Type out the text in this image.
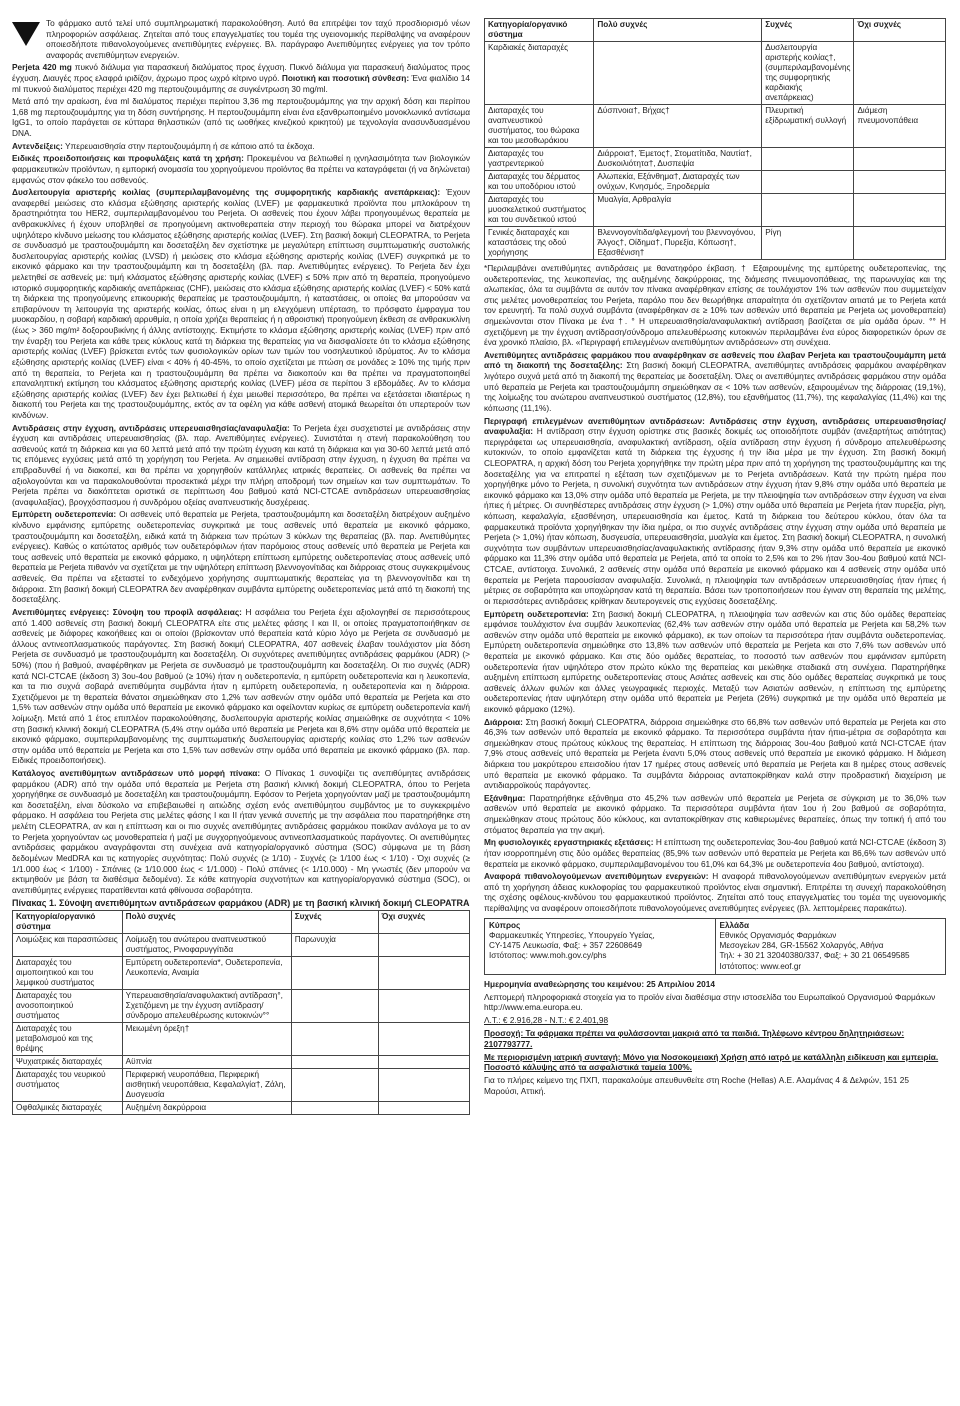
Το φάρμακο αυτό τελεί υπό συμπληρωματική παρακολούθηση. Αυτό θα επιτρέψει τον ταχύ προσδιορισμό νέων πληροφοριών ασφάλειας. Ζητείται από τους επαγγελματίες του τομέα της υγειονομικής περίθαλψης να αναφέρουν οποιεσδήποτε πιθανολογούμενες ανεπιθύμητες ενέργειες. Βλ. παράγραφο Ανεπιθύμητες ενέργειες για τον τρόπο αναφοράς ανεπιθύμητων ενεργειών.

Perjeta 420 mg πυκνό διάλυμα για παρασκευή διαλύματος προς έγχυση. Πυκνό διάλυμα για παρασκευή διαλύματος προς έγχυση. Διαυγές προς ελαφρά ιριδίζον, άχρωμο προς ωχρό κίτρινο υγρό. Ποιοτική και ποσοτική σύνθεση: Ένα φιαλίδιο 14 ml πυκνού διαλύματος περιέχει 420 mg περτουζουμάμπης σε συγκέντρωση 30 mg/ml.

Μετά από την αραίωση, ένα ml διαλύματος περιέχει περίπου 3,36 mg περτουζουμάμπης για την αρχική δόση και περίπου 1,68 mg περτουζουμάμπης για τη δόση συντήρησης. Η περτουζουμάμπη είναι ένα εξανθρωποιημένο μονοκλωνικό αντίσωμα IgG1, το οποίο παράγεται σε κύτταρα θηλαστικών (από τις ωοθήκες κινεζικού κρικητού) με τεχνολογία ανασυνδυασμένου DNA.

Αντενδείξεις: Υπερευαισθησία στην περτουζουμάμπη ή σε κάποιο από τα έκδοχα.

Ειδικές προειδοποιήσεις και προφυλάξεις κατά τη χρήση: Προκειμένου να βελτιωθεί η ιχνηλασιμότητα των βιολογικών φαρμακευτικών προϊόντων, η εμπορική ονομασία του χορηγούμενου προϊόντος θα πρέπει να καταγράφεται (ή να δηλώνεται) εμφανώς στον φάκελο του ασθενούς.

Δυσλειτουργία αριστερής κοιλίας (συμπεριλαμβανομένης της συμφορητικής καρδιακής ανεπάρκειας): Έχουν αναφερθεί μειώσεις στο κλάσμα εξώθησης αριστερής κοιλίας (LVEF) με φαρμακευτικά προϊόντα που μπλοκάρουν τη δραστηριότητα του HER2, συμπεριλαμβανομένου του Perjeta. Οι ασθενείς που έχουν λάβει προηγουμένως θεραπεία με ανθρακυκλίνες ή έχουν υποβληθεί σε προηγούμενη ακτινοθεραπεία στην περιοχή του θώρακα μπορεί να διατρέχουν υψηλότερο κίνδυνο μείωσης του κλάσματος εξώθησης αριστερής κοιλίας (LVEF). Στη βασική δοκιμή CLEOPATRA, το Perjeta σε συνδυασμό με τραστουζουμάμπη και δοσεταξέλη δεν σχετίστηκε με μεγαλύτερη επίπτωση συμπτωματικής συστολικής δυσλειτουργίας αριστερής κοιλίας (LVSD) ή μειώσεις στο κλάσμα εξώθησης αριστερής κοιλίας (LVEF) συγκριτικά με το εικονικό φάρμακο και την τραστουζουμάμπη και τη δοσεταξέλη (βλ. παρ. Ανεπιθύμητες ενέργειες). Το Perjeta δεν έχει μελετηθεί σε ασθενείς με: τιμή κλάσματος εξώθησης αριστερής κοιλίας (LVEF) ≤ 50% πριν από τη θεραπεία, προηγούμενο ιστορικό συμφορητικής καρδιακής ανεπάρκειας (CHF), μειώσεις στο κλάσμα εξώθησης αριστερής κοιλίας (LVEF) < 50% κατά τη διάρκεια της προηγούμενης επικουρικής θεραπείας με τραστουζουμάμπη, ή καταστάσεις, οι οποίες θα μπορούσαν να επιβαρύνουν τη λειτουργία της αριστερής κοιλίας, όπως είναι η μη ελεγχόμενη υπέρταση, το πρόσφατο έμφραγμα του μυοκαρδίου, η σοβαρή καρδιακή αρρυθμία, η οποία χρήζει θεραπείας ή η αθροιστική προηγούμενη έκθεση σε ανθρακυκλίνη (έως > 360 mg/m² δοξορουβικίνης ή άλλης αντίστοιχης. Εκτιμήστε το κλάσμα εξώθησης αριστερής κοιλίας (LVEF) πριν από την έναρξη του Perjeta και κάθε τρεις κύκλους κατά τη διάρκεια της θεραπείας για να διασφαλίσετε ότι το κλάσμα εξώθησης αριστερής κοιλίας (LVEF) βρίσκεται εντός των φυσιολογικών ορίων των τιμών του νοσηλευτικού ιδρύματος. Αν το κλάσμα εξώθησης αριστερής κοιλίας (LVEF) είναι < 40% ή 40-45%, το οποίο σχετίζεται με πτώση σε μονάδες ≥ 10% της τιμής πριν από τη θεραπεία, το Perjeta και η τραστουζουμάμπη θα πρέπει να διακοπούν και θα πρέπει να πραγματοποιηθεί επαναληπτική εκτίμηση του κλάσματος εξώθησης αριστερής κοιλίας (LVEF) μέσα σε περίπου 3 εβδομάδες. Αν το κλάσμα εξώθησης αριστερής κοιλίας (LVEF) δεν έχει βελτιωθεί ή έχει μειωθεί περισσότερο, θα πρέπει να εξετάσεται ιδιαιτέρως η διακοπή του Perjeta και της τραστουζουμάμπης, εκτός αν τα οφέλη για κάθε ασθενή ατομικά θεωρείται ότι υπερτερούν των κινδύνων.

Αντιδράσεις στην έγχυση, αντιδράσεις υπερευαισθησίας/αναφυλαξία: Το Perjeta έχει συσχετιστεί με αντιδράσεις στην έγχυση και αντιδράσεις υπερευαισθησίας (βλ. παρ. Ανεπιθύμητες ενέργειες). Συνιστάται η στενή παρακολούθηση του ασθενούς κατά τη διάρκεια και για 60 λεπτά μετά από την πρώτη έγχυση και κατά τη διάρκεια και για 30-60 λεπτά μετά από τις επόμενες εγχύσεις μετά από τη χορήγηση του Perjeta. Αν σημειωθεί αντίδραση στην έγχυση, η έγχυση θα πρέπει να επιβραδυνθεί ή να διακοπεί, και θα πρέπει να χορηγηθούν κατάλληλες ιατρικές θεραπείες. Οι ασθενείς θα πρέπει να αξιολογούνται και να παρακολουθούνται προσεκτικά μέχρι την πλήρη αποδρομή των σημείων και των συμπτωμάτων. Το Perjeta πρέπει να διακόπτεται οριστικά σε περίπτωση 4ου βαθμού κατά NCI-CTCAE αντιδράσεων υπερευαισθησίας (αναφυλαξίας), βρογχόσπασμου ή συνδρόμου οξείας αναπνευστικής δυσχέρειας.

Εμπύρετη ουδετεροπενία: Οι ασθενείς υπό θεραπεία με Perjeta, τραστουζουμάμπη και δοσεταξέλη διατρέχουν αυξημένο κίνδυνο εμφάνισης εμπύρετης ουδετεροπενίας συγκριτικά με τους ασθενείς υπό θεραπεία με εικονικό φάρμακο, τραστουζουμάμπη και δοσεταξέλη, ειδικά κατά τη διάρκεια των πρώτων 3 κύκλων της θεραπείας (βλ. παρ. Ανεπιθύμητες ενέργειες). Καθώς ο κατώτατος αριθμός των ουδετερόφιλων ήταν παρόμοιος στους ασθενείς υπό θεραπεία με Perjeta και τους ασθενείς υπό θεραπεία με εικονικό φάρμακο, η υψηλότερη επίπτωση εμπύρετης ουδετεροπενίας στους ασθενείς υπό θεραπεία με Perjeta πιθανόν να σχετίζεται με την υψηλότερη επίπτωση βλεννογονίτιδας και διάρροιας στους συγκεκριμένους ασθενείς. Θα πρέπει να εξεταστεί το ενδεχόμενο χορήγησης συμπτωματικής θεραπείας για τη βλεννογονίτιδα και τη διάρροια. Στη βασική δοκιμή CLEOPATRA δεν αναφέρθηκαν συμβάντα εμπύρετης ουδετεροπενίας μετά από τη διακοπή της δοσεταξέλης.

Ανεπιθύμητες ενέργειες: Σύνοψη του προφίλ ασφάλειας: Η ασφάλεια του Perjeta έχει αξιολογηθεί σε περισσότερους από 1.400 ασθενείς στη βασική δοκιμή CLEOPATRA είτε στις μελέτες φάσης I και II, οι οποίες πραγματοποιήθηκαν σε ασθενείς με διάφορες κακοήθειες και οι οποίοι (βρίσκονταν υπό θεραπεία κατά κύριο λόγο με Perjeta σε συνδυασμό με άλλους αντινεοπλασματικούς παράγοντες. Στη βασική δοκιμή CLEOPATRA, 407 ασθενείς έλαβαν τουλάχιστον μία δόση Perjeta σε συνδυασμό με τραστουζουμάμπη και δοσεταξέλη. Οι συχνότερες ανεπιθύμητες αντιδράσεις φαρμάκου (ADR) (> 50%) (που ή βαθμού, αναφέρθηκαν με Perjeta σε συνδυασμό με τραστουζουμάμπη και δοσεταξέλη. Οι πιο συχνές (ADR) κατά NCI-CTCAE (έκδοση 3) 3ου-4ου βαθμού (≥ 10%) ήταν η ουδετεροπενία, η εμπύρετη ουδετεροπενία και η λευκοπενία, και τα πιο συχνά σοβαρά ανεπιθύμητα συμβάντα ήταν η εμπύρετη ουδετεροπενία, η ουδετεροπενία και η διάρροια. Σχετιζόμενοι με τη θεραπεία θάνατοι σημειώθηκαν στο 1,2% των ασθενών στην ομάδα υπό θεραπεία με Perjeta και στο 1,5% των ασθενών στην ομάδα υπό θεραπεία με εικονικό φάρμακο και οφείλονταν κυρίως σε εμπύρετη ουδετεροπενία και/ή λοίμωξη. Μετά από 1 έτος επιπλέον παρακολούθησης, δυσλειτουργία αριστερής κοιλίας σημειώθηκε σε συχνότητα < 10% στη βασική κλινική δοκιμή CLEOPATRA (5,4% στην ομάδα υπό θεραπεία με Perjeta και 8,6% στην ομάδα υπό θεραπεία με εικονικό φάρμακο, συμπεριλαμβανομένης της συμπτωματικής δυσλειτουργίας αριστερής κοιλίας στο 1,2% των ασθενών στην ομάδα υπό θεραπεία με Perjeta και στο 1,5% των ασθενών στην ομάδα υπό θεραπεία με εικονικό φάρμακο (βλ. παρ. Ειδικές προειδοποιήσεις).

Κατάλογος ανεπιθύμητων αντιδράσεων υπό μορφή πίνακα: Ο Πίνακας 1 συνοψίζει τις ανεπιθύμητες αντιδράσεις φαρμάκου (ADR) από την ομάδα υπό θεραπεία με Perjeta στη βασική κλινική δοκιμή CLEOPATRA, όπου το Perjeta χορηγήθηκε σε συνδυασμό με δοσεταξέλη και τραστουζουμάμπη. Εφόσον το Perjeta χορηγούνταν μαζί με τραστουζουμάμπη και δοσεταξέλη, είναι δύσκολο να επιβεβαιωθεί η αιτιώδης σχέση ενός ανεπιθύμητου συμβάντος με το συγκεκριμένο φάρμακο. Η ασφάλεια του Perjeta στις μελέτες φάσης I και II ήταν γενικά συνεπής με την ασφάλεια που παρατηρήθηκε στη μελέτη CLEOPATRA, αν και η επίπτωση και οι πιο συχνές ανεπιθύμητες αντιδράσεις φαρμάκου ποικίλαν ανάλογα με το αν το Perjeta χορηγούνταν ως μονοθεραπεία ή μαζί με συγχορηγούμενους αντινεοπλασματικούς παράγοντες. Οι ανεπιθύμητες αντιδράσεις φαρμάκου αναγράφονται στη συνέχεια ανά κατηγορία/οργανικό σύστημα (SOC) σύμφωνα με τη βάση δεδομένων MedDRA και τις κατηγορίες συχνότητας: Πολύ συχνές (≥ 1/10) - Συχνές (≥ 1/100 έως < 1/10) - Όχι συχνές (≥ 1/1.000 έως < 1/100) - Σπάνιες (≥ 1/10.000 έως < 1/1.000) - Πολύ σπάνιες (< 1/10.000) - Μη γνωστές (δεν μπορούν να εκτιμηθούν με βάση τα διαθέσιμα δεδομένα). Σε κάθε κατηγορία συχνοτήτων και κατηγορία/οργανικό σύστημα (SOC), οι ανεπιθύμητες ενέργειες παρατίθενται κατά φθίνουσα σοβαρότητα.

Πίνακας 1. Σύνοψη ανεπιθύμητων αντιδράσεων φαρμάκου (ADR) με τη βασική κλινική δοκιμή CLEOPATRA
Κατηγορία/οργανικό σύστημα	Πολύ συχνές	Συχνές	Όχι συχνές
Λοιμώξεις και παρασιτώσεις	Λοίμωξη του ανώτερου αναπνευστικού συστήματος, Ρινοφαρυγγίτιδα	Παρωνυχία	
Διαταραχές του αιμοποιητικού και του λεμφικού συστήματος	Εμπύρετη ουδετεροπενία*, Ουδετεροπενία, Λευκοπενία, Αναιμία		
Διαταραχές του ανοσοποιητικού συστήματος	Υπερευαισθησία/αναφυλακτική αντίδραση°, Σχετιζόμενη με την έγχυση αντίδραση/σύνδρομο απελευθέρωσης κυτοκινών°°		
Διαταραχές του μεταβολισμού και της θρέψης	Μειωμένη όρεξη†		
Ψυχιατρικές διαταραχές	Αϋπνία		
Διαταραχές του νευρικού συστήματος	Περιφερική νευροπάθεια, Περιφερική αισθητική νευροπάθεια, Κεφαλαλγία†, Ζάλη, Δυσγευσία		
Οφθαλμικές διαταραχές	Αυξημένη δακρύρροια		
Κατηγορία/οργανικό σύστημα	Πολύ συχνές	Συχνές	Όχι συχνές
Καρδιακές διαταραχές		Δυσλειτουργία αριστερής κοιλίας†, (συμπεριλαμβανομένης της συμφορητικής καρδιακής ανεπάρκειας)	
Διαταραχές του αναπνευστικού συστήματος, του θώρακα και του μεσοθωράκιου	Δύσπνοια†, Βήχας†	Πλευριτική εξίδρωματική συλλογή	Διάμεση πνευμονοπάθεια
Διαταραχές του γαστρεντερικού	Διάρροια†, Έμετος†, Στοματίτιδα, Ναυτία†, Δυσκοιλιότητα†, Δυσπεψία		
Διαταραχές του δέρματος και του υποδόριου ιστού	Αλωπεκία, Εξάνθημα†, Διαταραχές των ονύχων, Κνησμός, Ξηροδερμία		
Διαταραχές του μυοσκελετικού συστήματος και του συνδετικού ιστού	Μυαλγία, Αρθραλγία		
Γενικές διαταραχές και καταστάσεις της οδού χορήγησης	Βλεννογονίτιδα/φλεγμονή του βλεννογόνου, Άλγος†, Οίδημα†, Πυρεξία, Κόπωση†, Εξασθένιση†	Ρίγη	

*Περιλαμβάνει ανεπιθύμητες αντιδράσεις με θανατηφόρο έκβαση. † Εξαιρουμένης της εμπύρετης ουδετεροπενίας, της ουδετεροπενίας, της λευκοπενίας, της αυξημένης δακρύρροιας, της διάμεσης πνευμονοπάθειας, της παρωνυχίας και της αλωπεκίας, όλα τα συμβάντα σε αυτόν τον πίνακα αναφέρθηκαν επίσης σε τουλάχιστον 1% των ασθενών που συμμετείχαν στις μελέτες μονοθεραπείας του Perjeta, παρόλο που δεν θεωρήθηκε απαραίτητα ότι σχετίζονταν αιτιατά με το Perjeta κατά τον ερευνητή. Τα πολύ συχνά συμβάντα (αναφέρθηκαν σε ≥ 10% των ασθενών υπό θεραπεία με Perjeta ως μονοθεραπεία) σημειώνονται στον Πίνακα με ένα †. ° Η υπερευαισθησία/αναφυλακτική αντίδραση βασίζεται σε μία ομάδα όρων. °° Η σχετιζόμενη με την έγχυση αντίδραση/σύνδρομο απελευθέρωσης κυτοκινών περιλαμβάνει ένα εύρος διαφορετικών όρων σε ένα χρονικό πλαίσιο, βλ. «Περιγραφή επιλεγμένων ανεπιθύμητων αντιδράσεων» στη συνέχεια.

Ανεπιθύμητες αντιδράσεις φαρμάκου που αναφέρθηκαν σε ασθενείς που έλαβαν Perjeta και τραστουζουμάμπη μετά από τη διακοπή της δοσεταξέλης: Στη βασική δοκιμή CLEOPATRA, ανεπιθύμητες αντιδράσεις φαρμάκου αναφέρθηκαν λιγότερο συχνά μετά από τη διακοπή της θεραπείας με δοσεταξέλη. Όλες οι ανεπιθύμητες αντιδράσεις φαρμάκου στην ομάδα υπό θεραπεία με Perjeta και τραστουζουμάμπη σημειώθηκαν σε < 10% των ασθενών, εξαιρουμένων της διάρροιας (19,1%), της λοίμωξης του ανώτερου αναπνευστικού συστήματος (12,8%), του εξανθήματος (11,7%), της κεφαλαλγίας (11,4%) και της κόπωσης (11,1%).

Περιγραφή επιλεγμένων ανεπιθύμητων αντιδράσεων: Αντιδράσεις στην έγχυση, αντιδράσεις υπερευαισθησίας/αναφυλαξία: Η αντίδραση στην έγχυση ορίστηκε στις βασικές δοκιμές ως οποιοδήποτε συμβάν (ανεξαρτήτως αιτιότητας) περιγράφεται ως υπερευαισθησία, αναφυλακτική αντίδραση, οξεία αντίδραση στην έγχυση ή σύνδρομο απελευθέρωσης κυτοκινών, το οποίο εμφανίζεται κατά τη διάρκεια της έγχυσης ή την ίδια μέρα με την έγχυση. Στη βασική δοκιμή CLEOPATRA, η αρχική δόση του Perjeta χορηγήθηκε την πρώτη μέρα πριν από τη χορήγηση της τραστουζουμάμπης και της δοσεταξέλης για να επιτραπεί η εξέταση των σχετιζόμενων με το Perjeta αντιδράσεων. Κατά την πρώτη ημέρα που χορηγήθηκε μόνο το Perjeta, η συνολική συχνότητα των αντιδράσεων στην έγχυση ήταν 9,8% στην ομάδα υπό θεραπεία με εικονικό φάρμακο και 13,0% στην ομάδα υπό θεραπεία με Perjeta, με την πλειοψηφία των αντιδράσεων στην έγχυση να είναι ήπιες ή μέτριες. Οι συνηθέστερες αντιδράσεις στην έγχυση (> 1,0%) στην ομάδα υπό θεραπεία με Perjeta ήταν πυρεξία, ρίγη, κόπωση, κεφαλαλγία, εξασθένηση, υπερευαισθησία και έμετος. Κατά τη διάρκεια του δεύτερου κύκλου, όταν όλα τα φαρμακευτικά προϊόντα χορηγήθηκαν την ίδια ημέρα, οι πιο συχνές αντιδράσεις στην έγχυση στην ομάδα υπό θεραπεία με Perjeta (> 1,0%) ήταν κόπωση, δυσγευσία, υπερευαισθησία, μυαλγία και έμετος. Στη βασική δοκιμή CLEOPATRA, η συνολική συχνότητα των συμβάντων υπερευαισθησίας/αναφυλακτικής αντίδρασης ήταν 9,3% στην ομάδα υπό θεραπεία με εικονικό φάρμακο και 11,3% στην ομάδα υπό θεραπεία με Perjeta, από τα οποία το 2,5% και το 2% ήταν 3ου-4ου βαθμού κατά NCI-CTCAE, αντίστοιχα. Συνολικά, 2 ασθενείς στην ομάδα υπό θεραπεία με εικονικό φάρμακο και 4 ασθενείς στην ομάδα υπό θεραπεία με Perjeta παρουσίασαν αναφυλαξία. Συνολικά, η πλειοψηφία των αντιδράσεων υπερευαισθησίας ήταν ήπιες ή μέτριες σε σοβαρότητα και υποχώρησαν κατά τη θεραπεία. Βάσει των τροποποιήσεων που έγιναν στη θεραπεία της μελέτης, οι περισσότερες αντιδράσεις κρίθηκαν δευτερογενείς στις εγχύσεις δοσεταξέλης.

Εμπύρετη ουδετεροπενία: Στη βασική δοκιμή CLEOPATRA, η πλειοψηφία των ασθενών και στις δύο ομάδες θεραπείας εμφάνισε τουλάχιστον ένα συμβάν λευκοπενίας (62,4% των ασθενών στην ομάδα υπό θεραπεία με Perjeta και 58,2% των ασθενών στην ομάδα υπό θεραπεία με εικονικό φάρμακο), εκ των οποίων τα περισσότερα ήταν συμβάντα ουδετεροπενίας. Εμπύρετη ουδετεροπενία σημειώθηκε στο 13,8% των ασθενών υπό θεραπεία με Perjeta και στο 7,6% των ασθενών υπό θεραπεία με εικονικό φάρμακο. Και στις δύο ομάδες θεραπείας, το ποσοστό των ασθενών που εμφάνισαν εμπύρετη ουδετεροπενία ήταν υψηλότερο στον πρώτο κύκλο της θεραπείας και μειώθηκε σταδιακά στη συνέχεια. Παρατηρήθηκε αυξημένη επίπτωση εμπύρετης ουδετεροπενίας στους Ασιάτες ασθενείς και στις δύο ομάδες θεραπείας συγκριτικά με τους ασθενείς άλλων φυλών και άλλες γεωγραφικές περιοχές. Μεταξύ των Ασιατών ασθενών, η επίπτωση της εμπύρετης ουδετεροπενίας ήταν υψηλότερη στην ομάδα υπό θεραπεία με Perjeta (26%) συγκριτικά με την ομάδα υπό θεραπεία με εικονικό φάρμακο (12%).

Διάρροια: Στη βασική δοκιμή CLEOPATRA, διάρροια σημειώθηκε στο 66,8% των ασθενών υπό θεραπεία με Perjeta και στο 46,3% των ασθενών υπό θεραπεία με εικονικό φάρμακο. Τα περισσότερα συμβάντα ήταν ήπια-μέτρια σε σοβαρότητα και σημειώθηκαν στους πρώτους κύκλους της θεραπείας. Η επίπτωση της διάρροιας 3ου-4ου βαθμού κατά NCI-CTCAE ήταν 7,9% στους ασθενείς υπό θεραπεία με Perjeta έναντι 5,0% στους ασθενείς υπό θεραπεία με εικονικό φάρμακο. Η διάμεση διάρκεια του μακρύτερου επεισοδίου ήταν 17 ημέρες στους ασθενείς υπό θεραπεία με Perjeta και 8 ημέρες στους ασθενείς υπό θεραπεία με εικονικό φάρμακο. Τα συμβάντα διάρροιας ανταποκρίθηκαν καλά στην προδραστική διαχείριση με αντιδιαρροϊκούς παράγοντες.

Εξάνθημα: Παρατηρήθηκε εξάνθημα στο 45,2% των ασθενών υπό θεραπεία με Perjeta σε σύγκριση με το 36,0% των ασθενών υπό θεραπεία με εικονικό φάρμακο. Τα περισσότερα συμβάντα ήταν 1ου ή 2ου βαθμού σε σοβαρότητα, σημειώθηκαν στους πρώτους δύο κύκλους, και ανταποκρίθηκαν στις καθιερωμένες θεραπείες, όπως την τοπική ή από του στόματος θεραπεία για την ακμή.

Μη φυσιολογικές εργαστηριακές εξετάσεις: Η επίπτωση της ουδετεροπενίας 3ου-4ου βαθμού κατά NCI-CTCAE (έκδοση 3) ήταν ισορροπημένη στις δύο ομάδες θεραπείας (85,9% των ασθενών υπό θεραπεία με Perjeta και 86,6% των ασθενών υπό θεραπεία με εικονικό φάρμακο, συμπεριλαμβανομένου του 61,0% και 64,3% με ουδετεροπενία 4ου βαθμού, αντίστοιχα).

Αναφορά πιθανολογούμενων ανεπιθύμητων ενεργειών: Η αναφορά πιθανολογούμενων ανεπιθύμητων ενεργειών μετά από τη χορήγηση άδειας κυκλοφορίας του φαρμακευτικού προϊόντος είναι σημαντική. Επιτρέπει τη συνεχή παρακολούθηση της σχέσης οφέλους-κινδύνου του φαρμακευτικού προϊόντος. Ζητείται από τους επαγγελματίες του τομέα της υγειονομικής περίθαλψης να αναφέρουν οποιεσδήποτε πιθανολογούμενες ανεπιθύμητες ενέργειες (βλ. λεπτομέρειες παρακάτω).

Κύπρος
Φαρμακευτικές Υπηρεσίες, Υπουργείο Υγείας,
CY-1475 Λευκωσία, Φαξ: + 357 22608649
Ιστότοπος: www.moh.gov.cy/phs

Ελλάδα
Εθνικός Οργανισμός Φαρμάκων
Μεσογείων 284, GR-15562 Χολαργός, Αθήνα
Τηλ: + 30 21 32040380/337, Φαξ: + 30 21 06549585
Ιστότοπος: www.eof.gr

Ημερομηνία αναθεώρησης του κειμένου: 25 Απριλίου 2014

Λεπτομερή πληροφοριακά στοιχεία για το προϊόν είναι διαθέσιμα στην ιστοσελίδα του Ευρωπαϊκού Οργανισμού Φαρμάκων http://www.ema.europa.eu.

Λ.Τ.: € 2.916,28 - Ν.Τ.: € 2.401,98

Προσοχή: Τα φάρμακα πρέπει να φυλάσσονται μακριά από τα παιδιά. Τηλέφωνο κέντρου δηλητηριάσεων: 2107793777.

Με περιορισμένη ιατρική συνταγή: Μόνο για Νοσοκομειακή Χρήση από ιατρό με κατάλληλη ειδίκευση και εμπειρία. Ποσοστό κάλυψης από τα ασφαλιστικά ταμεία 100%.

Για το πλήρες κείμενο της ΠΧΠ, παρακαλούμε απευθυνθείτε στη Roche (Hellas) Α.Ε. Αλαμάνας 4 & Δελφών, 151 25 Μαρούσι, Αττική.
